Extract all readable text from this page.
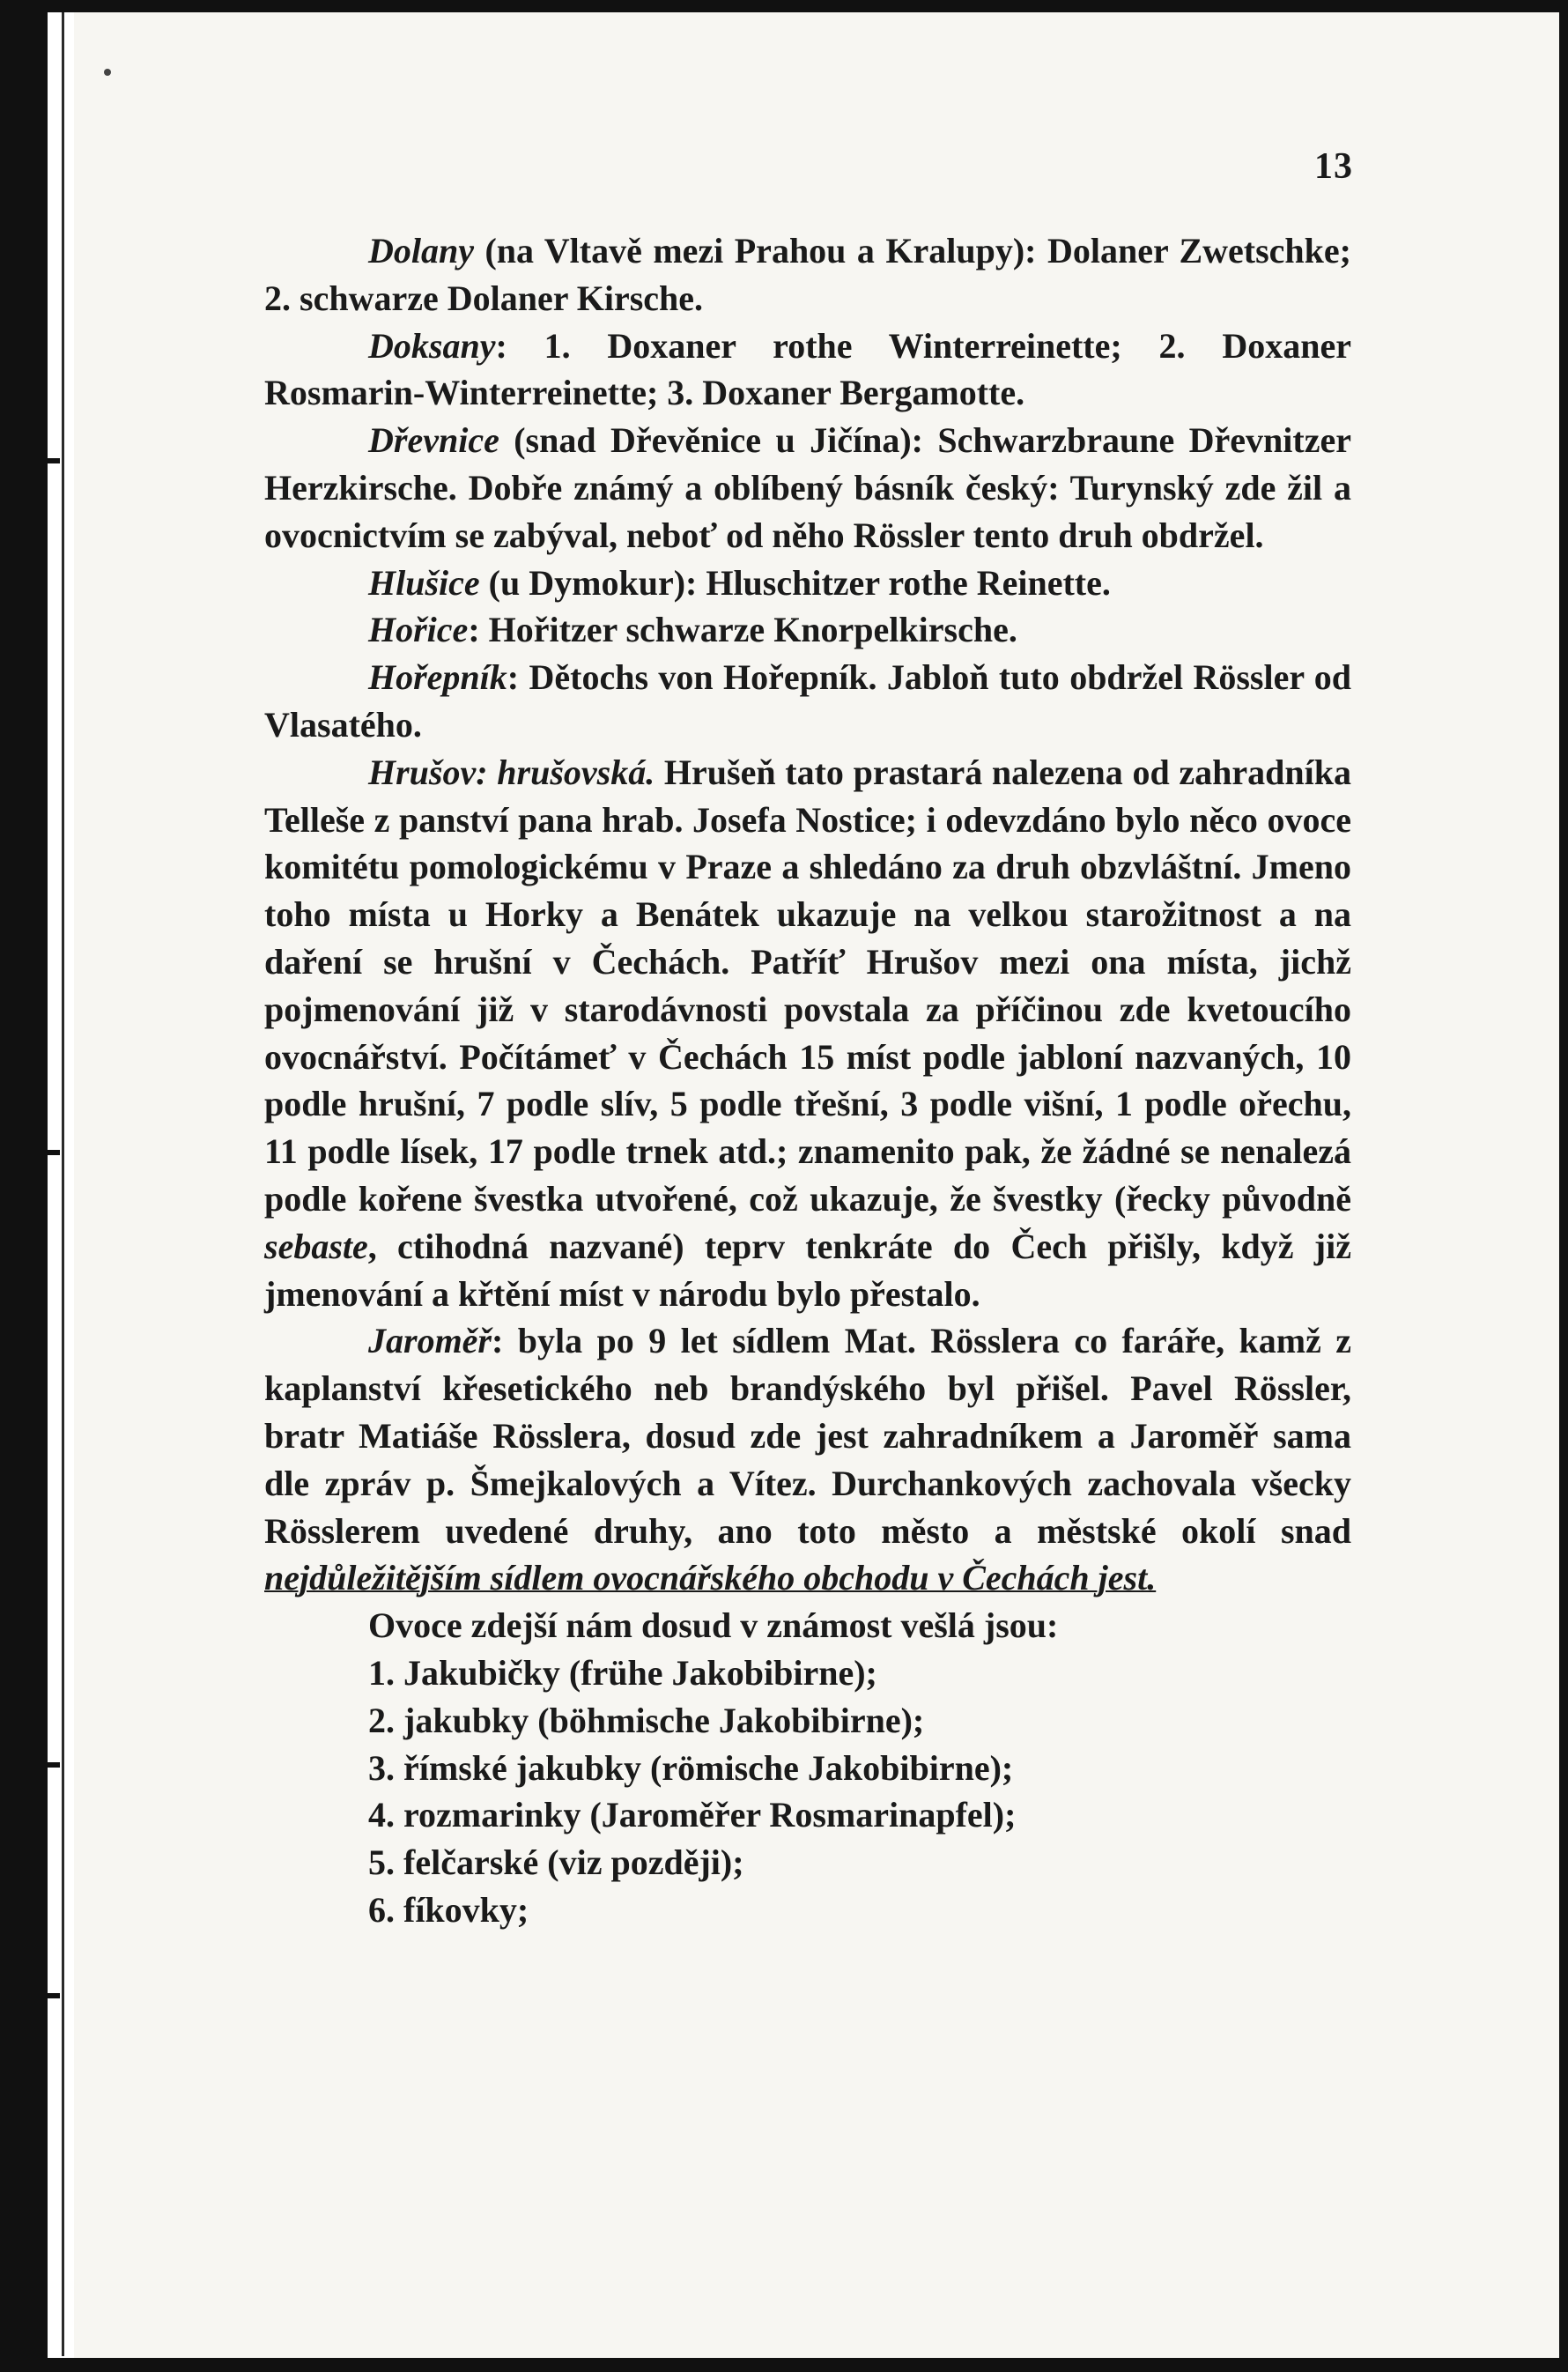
13

Dolany (na Vltavě mezi Prahou a Kralupy): Dolaner Zwetschke; 2. schwarze Dolaner Kirsche.

Doksany: 1. Doxaner rothe Winterreinette; 2. Doxaner Rosmarin-Winterreinette; 3. Doxaner Bergamotte.

Dřevnice (snad Dřevěnice u Jičína): Schwarzbraune Dřevnitzer Herzkirsche. Dobře známý a oblíbený básník český: Turynský zde žil a ovocnictvím se zabýval, neboť od něho Rössler tento druh obdržel.

Hlušice (u Dymokur): Hluschitzer rothe Reinette.

Hořice: Hořitzer schwarze Knorpelkirsche.

Hořepník: Dětochs von Hořepník. Jabloň tuto obdržel Rössler od Vlasatého.

Hrušov: hrušovská. Hrušeň tato prastará nalezena od zahradníka Telleše z panství pana hrab. Josefa Nostice; i odevzdáno bylo něco ovoce komitétu pomologickému v Praze a shledáno za druh obzvláštní. Jmeno toho místa u Horky a Benátek ukazuje na velkou starožitnost a na daření se hrušní v Čechách. Patříť Hrušov mezi ona místa, jichž pojmenování již v starodávnosti povstala za příčinou zde kvetoucího ovocnářství. Počítámeť v Čechách 15 míst podle jabloní nazvaných, 10 podle hrušní, 7 podle slív, 5 podle třešní, 3 podle višní, 1 podle ořechu, 11 podle lísek, 17 podle trnek atd.; znamenito pak, že žádné se nenalezá podle kořene švestka utvořené, což ukazuje, že švestky (řecky původně sebaste, ctihodná nazvané) teprv tenkráte do Čech přišly, když již jmenování a křtění míst v národu bylo přestalo.

Jaroměř: byla po 9 let sídlem Mat. Rösslera co faráře, kamž z kaplanství křesetického neb brandýského byl přišel. Pavel Rössler, bratr Matiáše Rösslera, dosud zde jest zahradníkem a Jaroměř sama dle zpráv p. Šmejkalových a Vítez. Durchankových zachovala všecky Rösslerem uvedené druhy, ano toto město a městské okolí snad nejdůležitějším sídlem ovocnářského obchodu v Čechách jest.

Ovoce zdejší nám dosud v známost vešlá jsou:

1. Jakubičky (frühe Jakobibirne);

2. jakubky (böhmische Jakobibirne);

3. římské jakubky (römische Jakobibirne);

4. rozmarinky (Jaroměřer Rosmarinapfel);

5. felčarské (viz později);

6. fíkovky;
